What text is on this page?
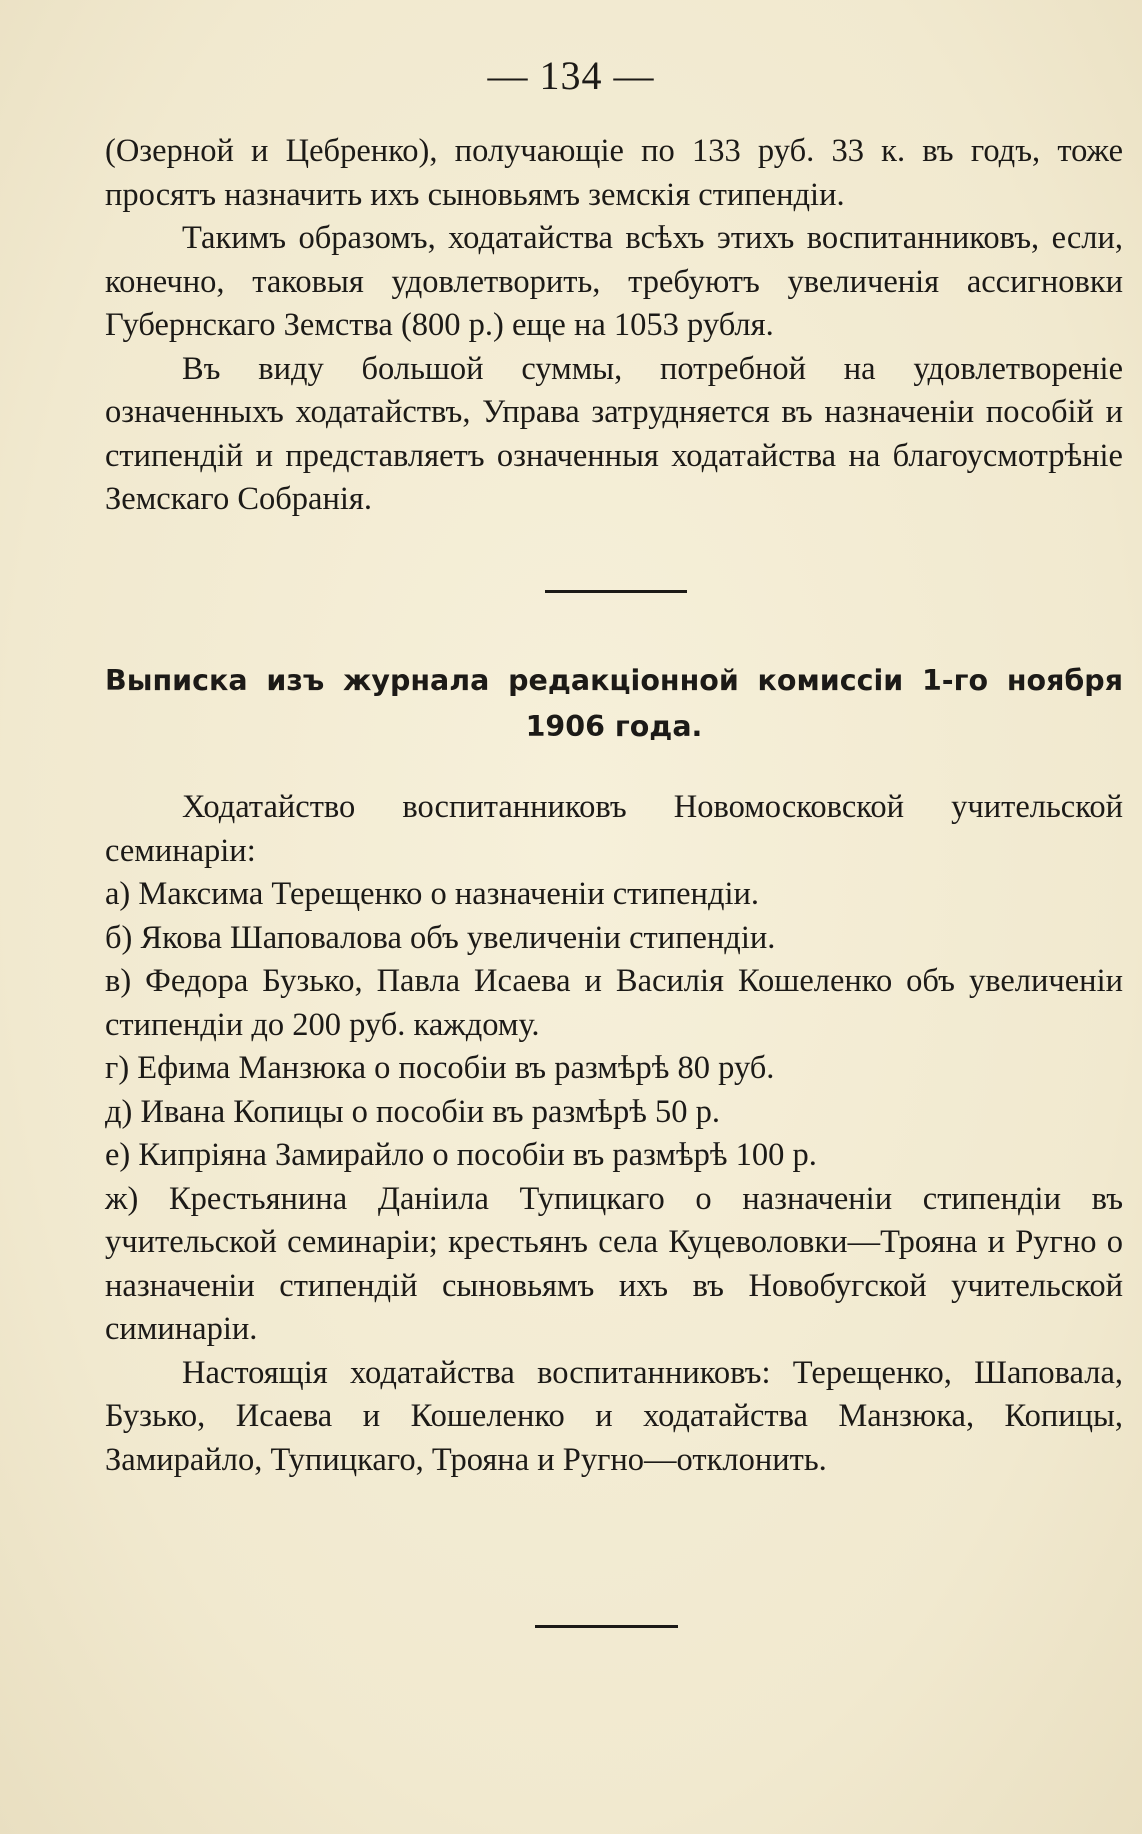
— 134 —

(Озерной и Цебренко), получающіе по 133 руб. 33 к. въ годъ, тоже просятъ назначить ихъ сыновьямъ земскія стипендіи.

Такимъ образомъ, ходатайства всѣхъ этихъ воспитанниковъ, если, конечно, таковыя удовлетворить, требуютъ увеличенія ассигновки Губернскаго Земства (800 р.) еще на 1053 рубля.

Въ виду большой суммы, потребной на удовлетвореніе означенныхъ ходатайствъ, Управа затрудняется въ назначеніи пособій и стипендій и представляетъ означенныя ходатайства на благоусмотрѣніе Земскаго Собранія.

Выписка изъ журнала редакціонной комиссіи 1-го ноября 1906 года.

Ходатайство воспитанниковъ Новомосковской учительской семинаріи:

а) Максима Терещенко о назначеніи стипендіи.

б) Якова Шаповалова объ увеличеніи стипендіи.

в) Федора Бузько, Павла Исаева и Василія Кошеленко объ увеличеніи стипендіи до 200 руб. каждому.

г) Ефима Манзюка о пособіи въ размѣрѣ 80 руб.

д) Ивана Копицы о пособіи въ размѣрѣ 50 р.

е) Кипріяна Замирайло о пособіи въ размѣрѣ 100 р.

ж) Крестьянина Даніила Тупицкаго о назначеніи стипендіи въ учительской семинаріи; крестьянъ села Куцеволовки—Трояна и Ругно о назначеніи стипендій сыновьямъ ихъ въ Новобугской учительской симинаріи.

Настоящія ходатайства воспитанниковъ: Терещенко, Шаповала, Бузько, Исаева и Кошеленко и ходатайства Манзюка, Копицы, Замирайло, Тупицкаго, Трояна и Ругно—отклонить.
